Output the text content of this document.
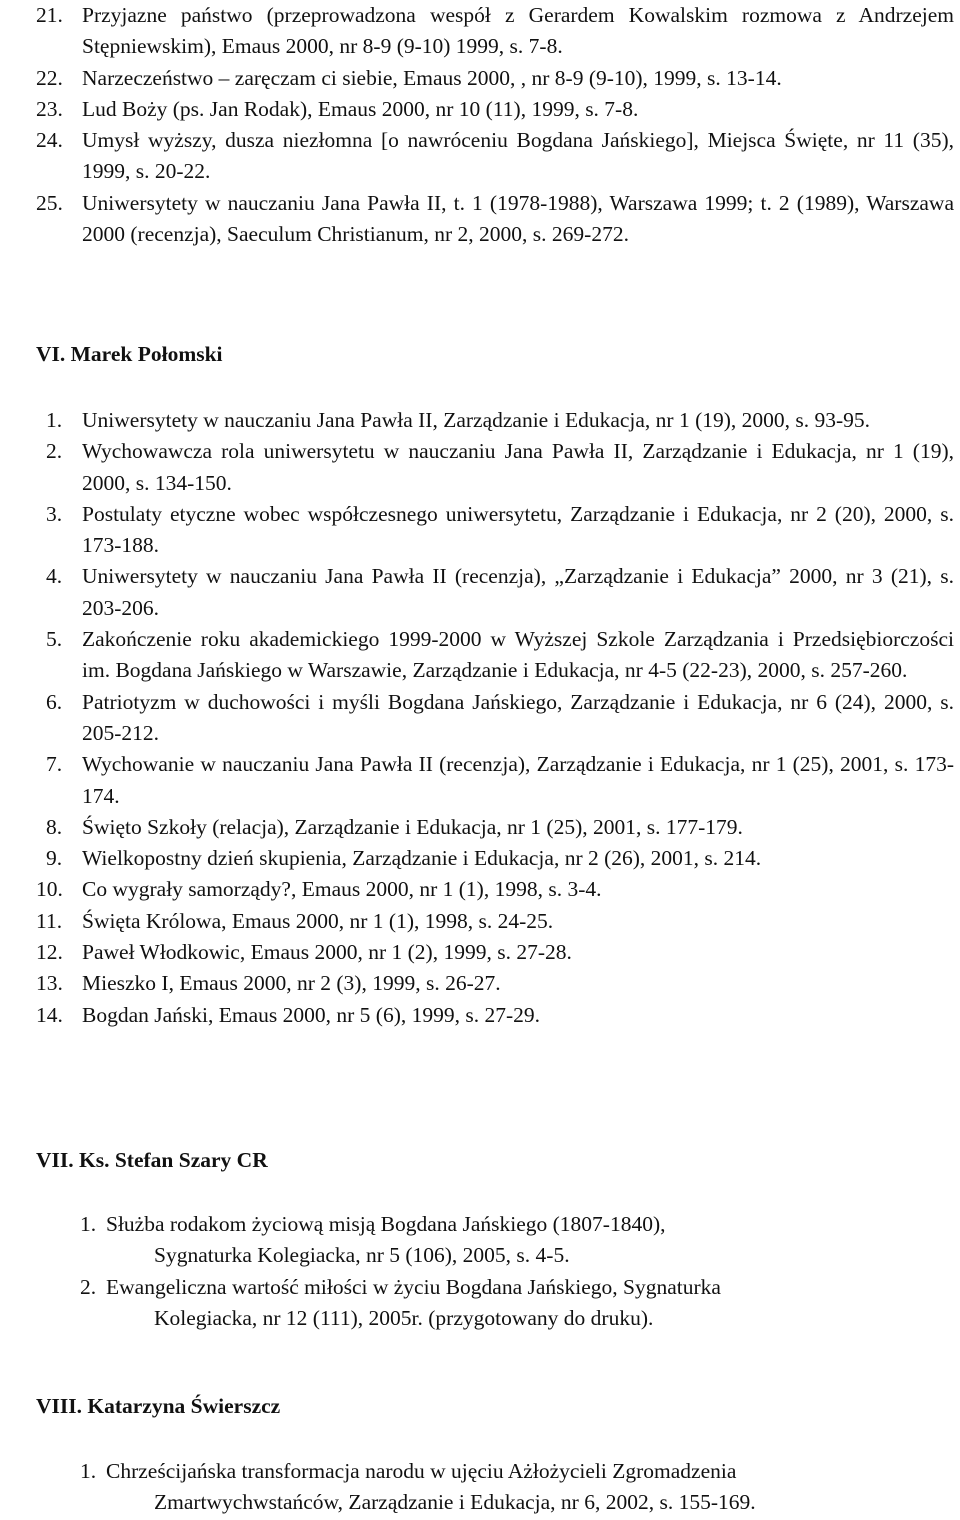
21. Przyjazne państwo (przeprowadzona wespół z Gerardem Kowalskim rozmowa z Andrzejem Stępniewskim), Emaus 2000, nr 8-9 (9-10) 1999, s. 7-8.
22. Narzeczeństwo – zaręczam ci siebie, Emaus 2000, , nr 8-9 (9-10), 1999, s. 13-14.
23. Lud Boży (ps. Jan Rodak), Emaus 2000, nr 10 (11), 1999, s. 7-8.
24. Umysł wyższy, dusza niezłomna [o nawróceniu Bogdana Jańskiego], Miejsca Święte, nr 11 (35), 1999, s. 20-22.
25. Uniwersytety w nauczaniu Jana Pawła II, t. 1 (1978-1988), Warszawa 1999; t. 2 (1989), Warszawa 2000 (recenzja), Saeculum Christianum, nr 2, 2000, s. 269-272.
VI. Marek Połomski
1. Uniwersytety w nauczaniu Jana Pawła II, Zarządzanie i Edukacja, nr 1 (19), 2000, s. 93-95.
2. Wychowawcza rola uniwersytetu w nauczaniu Jana Pawła II, Zarządzanie i Edukacja, nr 1 (19), 2000, s. 134-150.
3. Postulaty etyczne wobec współczesnego uniwersytetu, Zarządzanie i Edukacja, nr 2 (20), 2000, s. 173-188.
4. Uniwersytety w nauczaniu Jana Pawła II (recenzja), „Zarządzanie i Edukacja” 2000, nr 3 (21), s. 203-206.
5. Zakończenie roku akademickiego 1999-2000 w Wyższej Szkole Zarządzania i Przedsiębiorczości im. Bogdana Jańskiego w Warszawie, Zarządzanie i Edukacja, nr 4-5 (22-23), 2000, s. 257-260.
6. Patriotyzm w duchowości i myśli Bogdana Jańskiego, Zarządzanie i Edukacja, nr 6 (24), 2000, s. 205-212.
7. Wychowanie w nauczaniu Jana Pawła II (recenzja), Zarządzanie i Edukacja, nr 1 (25), 2001, s. 173-174.
8. Święto Szkoły (relacja), Zarządzanie i Edukacja, nr 1 (25), 2001, s. 177-179.
9. Wielkopostny dzień skupienia, Zarządzanie i Edukacja, nr 2 (26), 2001, s. 214.
10. Co wygrały samorządy?, Emaus 2000, nr 1 (1), 1998, s. 3-4.
11. Święta Królowa, Emaus 2000, nr 1 (1), 1998, s. 24-25.
12. Paweł Włodkowic, Emaus 2000, nr 1 (2), 1999, s. 27-28.
13. Mieszko I, Emaus 2000, nr 2 (3), 1999, s. 26-27.
14. Bogdan Jański, Emaus 2000, nr 5 (6), 1999, s. 27-29.
VII. Ks. Stefan Szary CR
1. Służba rodakom życiową misją Bogdana Jańskiego (1807-1840),
Sygnaturka Kolegiacka, nr 5 (106), 2005, s. 4-5.
2. Ewangeliczna wartość miłości w życiu Bogdana Jańskiego, Sygnaturka
Kolegiacka, nr 12 (111), 2005r. (przygotowany do druku).
VIII. Katarzyna Świerszcz
1. Chrześcijańska transformacja narodu w ujęciu Ażłożycieli Zgromadzenia
Zmartwychwstańców, Zarządzanie i Edukacja, nr 6, 2002, s. 155-169.
